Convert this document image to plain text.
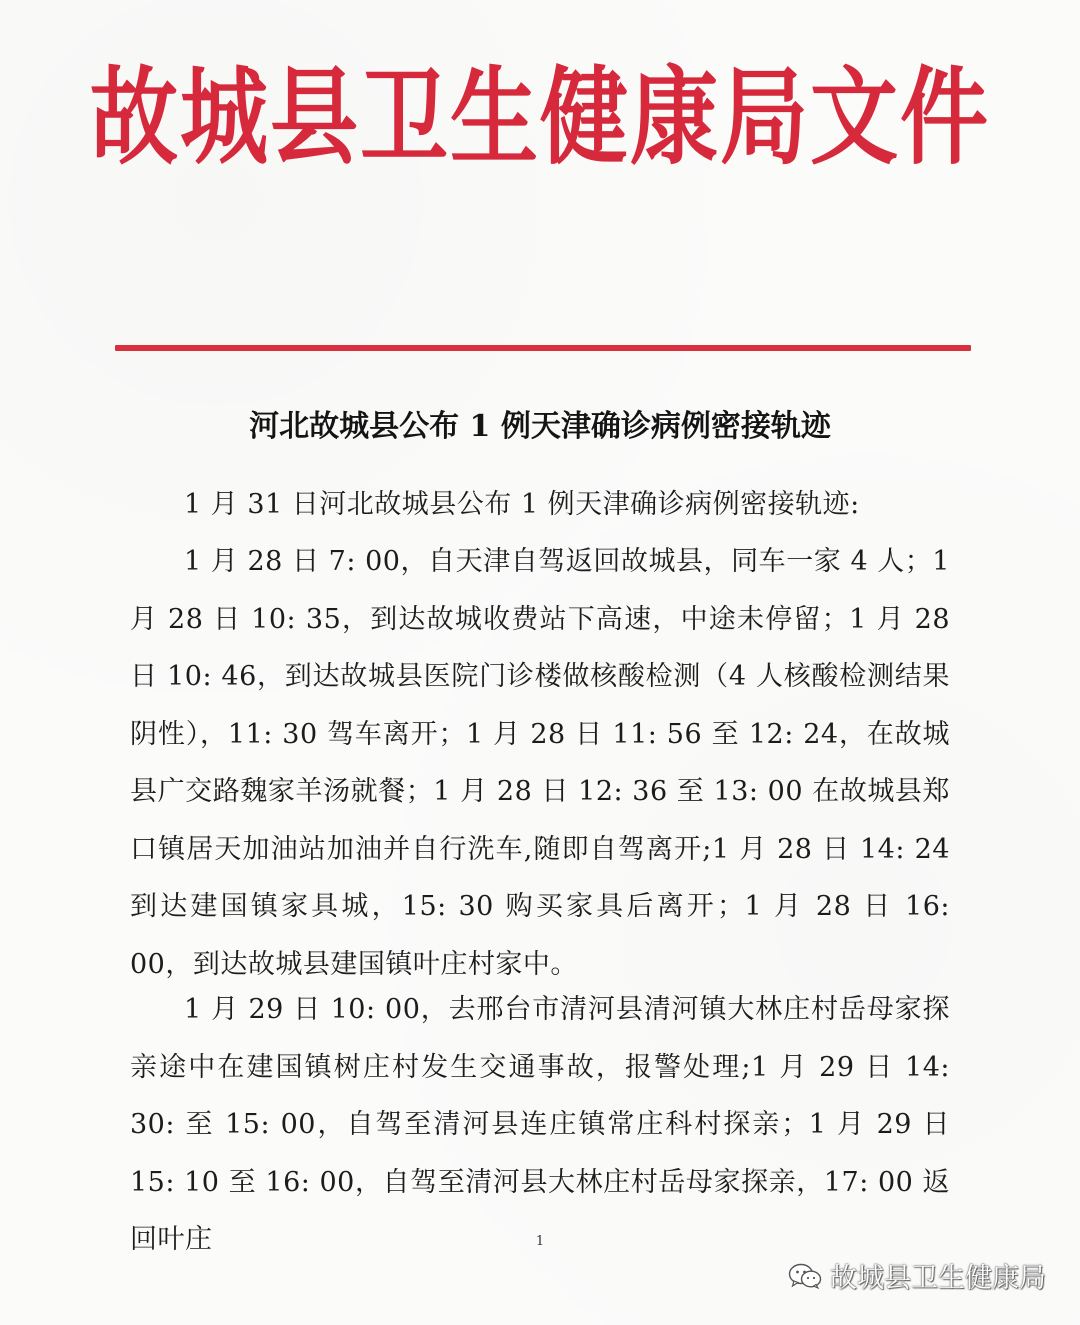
故城县卫生健康局文件
河北故城县公布 1 例天津确诊病例密接轨迹

1 月 31 日河北故城县公布 1 例天津确诊病例密接轨迹:

1 月 28 日 7: 00，自天津自驾返回故城县，同车一家 4 人；1 月 28 日 10: 35，到达故城收费站下高速，中途未停留；1 月 28 日 10: 46，到达故城县医院门诊楼做核酸检测（4 人核酸检测结果阴性），11: 30 驾车离开；1 月 28 日 11: 56 至 12: 24，在故城县广交路魏家羊汤就餐；1 月 28 日 12: 36 至 13: 00 在故城县郑口镇居天加油站加油并自行洗车,随即自驾离开;1 月 28 日 14: 24 到达建国镇家具城，15: 30 购买家具后离开；1 月 28 日 16: 00，到达故城县建国镇叶庄村家中。

1 月 29 日 10: 00，去邢台市清河县清河镇大林庄村岳母家探亲途中在建国镇树庄村发生交通事故，报警处理;1 月 29 日 14: 30: 至 15: 00，自驾至清河县连庄镇常庄科村探亲；1 月 29 日 15: 10 至 16: 00，自驾至清河县大林庄村岳母家探亲，17: 00 返回叶庄	1
故城县卫生健康局
